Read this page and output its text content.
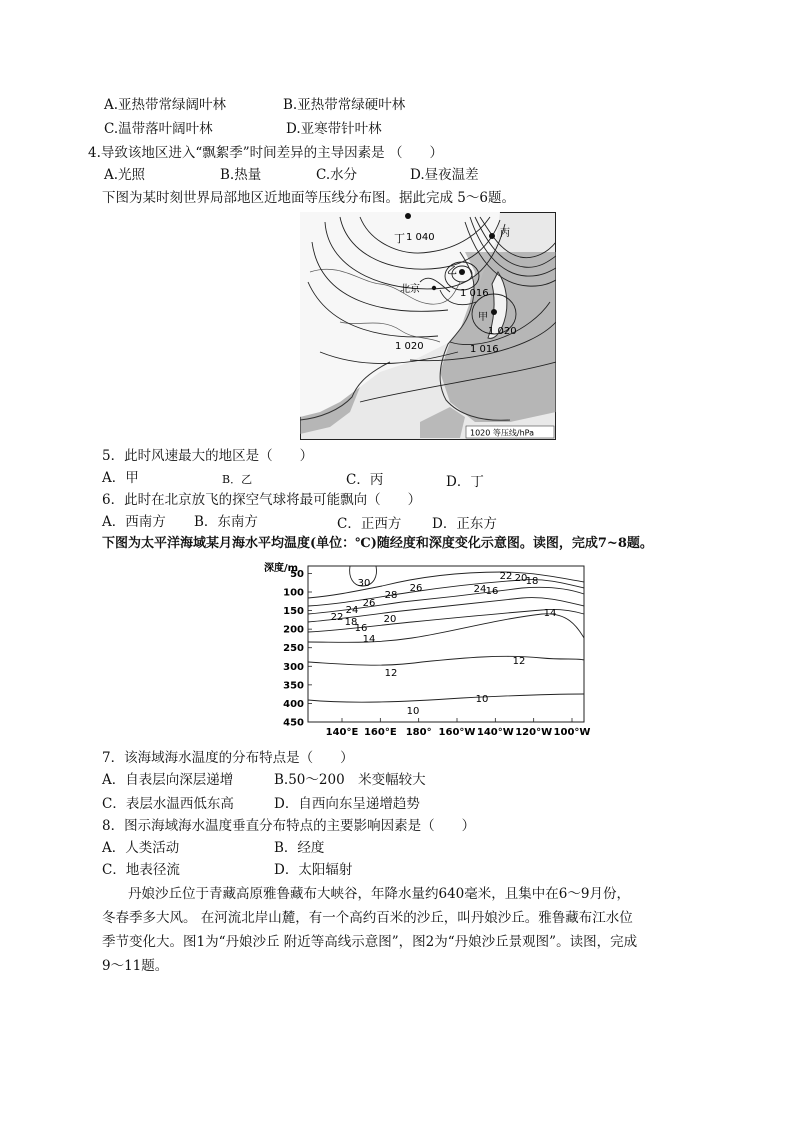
A.亚热带常绿阔叶林	B.亚热带常绿硬叶林
C.温带落叶阔叶林	D.亚寒带针叶林
4.导致该地区进入“飘絮季”时间差异的主导因素是 （　　）
A.光照	B.热量	C.水分	D.昼夜温差
下图为某时刻世界局部地区近地面等压线分布图。据此完成 5～6题。
丁 1 040	丙
乙
北京	1 016
甲
1 020
1 020	1 016
1020 等压线/hPa
5．此时风速最大的地区是（　　）
A．甲	B．乙	C．丙	D．丁
6．此时在北京放飞的探空气球将最可能飘向（　　）
A．西南方 B．东南方	C．正西方 D．正东方
下图为太平洋海域某月海水平均温度(单位：℃)随经度和深度变化示意图。读图，完成7~8题。
深度/m
50
100
150
200
250
300
350
400
450
140°E 160°E 180° 160°W 140°W 120°W 100°W
30
28
26
26
24
24
22
22
20
20
18
18
16
16
14
14
12
12
10
10
7．该海域海水温度的分布特点是（　　）
A．自表层向深层递增	B.50～200　米变幅较大
C．表层水温西低东高	D．自西向东呈递增趋势
8．图示海域海水温度垂直分布特点的主要影响因素是（　　）
A．人类活动	B．经度
C．地表径流	D．太阳辐射
丹娘沙丘位于青藏高原雅鲁藏布大峡谷，年降水量约640毫米，且集中在6～9月份，冬春季多大风。 在河流北岸山麓，有一个高约百米的沙丘，叫丹娘沙丘。雅鲁藏布江水位季节变化大。图1为“丹娘沙丘 附近等高线示意图”，图2为“丹娘沙丘景观图”。读图，完成9～11题。
